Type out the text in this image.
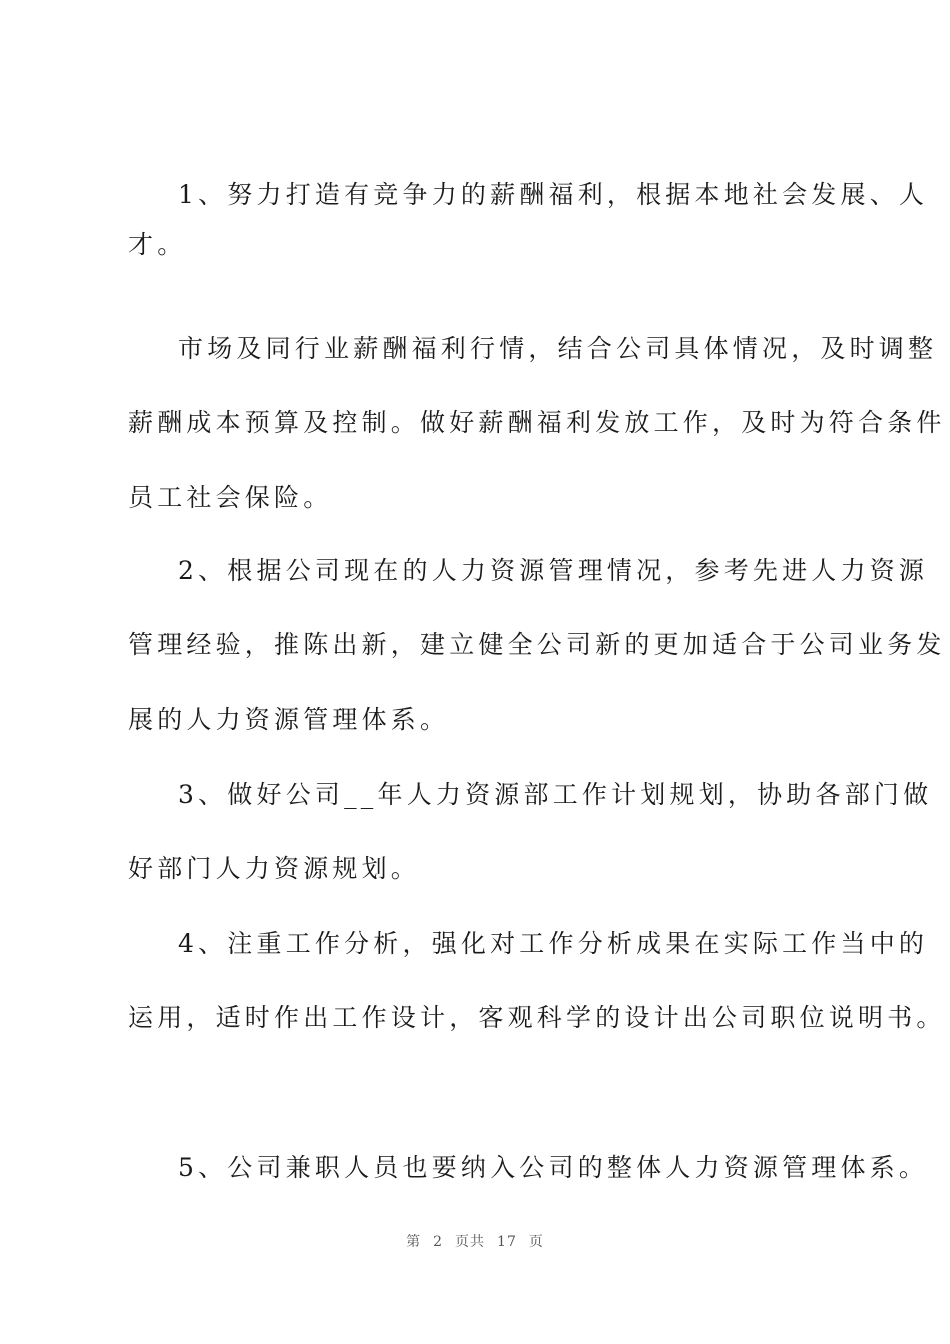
1、努力打造有竞争力的薪酬福利，根据本地社会发展、人
才。
市场及同行业薪酬福利行情，结合公司具体情况，及时调整
薪酬成本预算及控制。做好薪酬福利发放工作，及时为符合条件
员工社会保险。
2、根据公司现在的人力资源管理情况，参考先进人力资源
管理经验，推陈出新，建立健全公司新的更加适合于公司业务发
展的人力资源管理体系。
3、做好公司__年人力资源部工作计划规划，协助各部门做
好部门人力资源规划。
4、注重工作分析，强化对工作分析成果在实际工作当中的
运用，适时作出工作设计，客观科学的设计出公司职位说明书。
5、公司兼职人员也要纳入公司的整体人力资源管理体系。
第 2 页共 17 页
